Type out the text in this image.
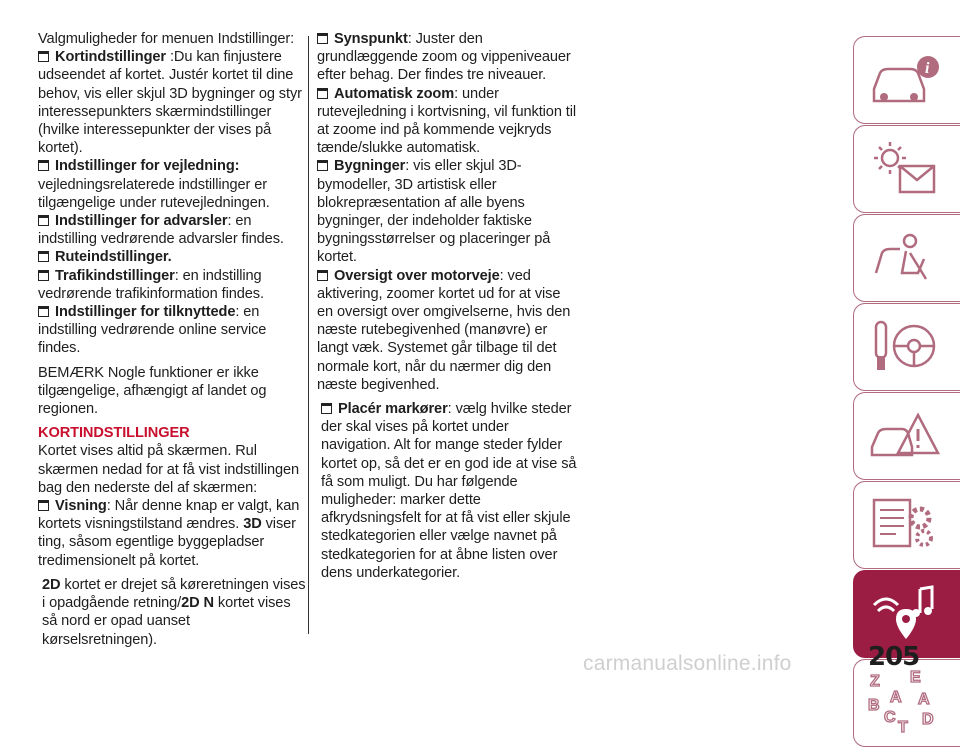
Valgmuligheder for menuen Indstillinger:
Kortindstillinger :Du kan finjustere udseendet af kortet. Justér kortet til dine behov, vis eller skjul 3D bygninger og styr interessepunkters skærmindstillinger (hvilke interessepunkter der vises på kortet).
Indstillinger for vejledning: vejledningsrelaterede indstillinger er tilgængelige under rutevejledningen.
Indstillinger for advarsler: en indstilling vedrørende advarsler findes.
Ruteindstillinger.
Trafikindstillinger: en indstilling vedrørende trafikinformation findes.
Indstillinger for tilknyttede: en indstilling vedrørende online service findes.
BEMÆRK Nogle funktioner er ikke tilgængelige, afhængigt af landet og regionen.
KORTINDSTILLINGER
Kortet vises altid på skærmen. Rul skærmen nedad for at få vist indstillingen bag den nederste del af skærmen:
Visning: Når denne knap er valgt, kan kortets visningstilstand ændres. 3D viser ting, såsom egentlige byggepladser tredimensionelt på kortet.
2D kortet er drejet så køreretningen vises i opadgående retning/2D N kortet vises så nord er opad uanset kørselsretningen).
Synspunkt: Juster den grundlæggende zoom og vippeniveauer efter behag. Der findes tre niveauer.
Automatisk zoom: under rutevejledning i kortvisning, vil funktion til at zoome ind på kommende vejkryds tænde/slukke automatisk.
Bygninger: vis eller skjul 3D-bymodeller, 3D artistisk eller blokrepræsentation af alle byens bygninger, der indeholder faktiske bygningsstørrelser og placeringer på kortet.
Oversigt over motorveje: ved aktivering, zoomer kortet ud for at vise en oversigt over omgivelserne, hvis den næste rutebegivenhed (manøvre) er langt væk. Systemet går tilbage til det normale kort, når du nærmer dig den næste begivenhed.
Placér markører: vælg hvilke steder der skal vises på kortet under navigation. Alt for mange steder fylder kortet op, så det er en god ide at vise så få som muligt. Du har følgende muligheder: marker dette afkrydsningsfelt for at få vist eller skjule stedkategorien eller vælge navnet på stedkategorien for at åbne listen over dens underkategorier.
i
Z E
B A A
C D
T
205
carmanualsonline.info
